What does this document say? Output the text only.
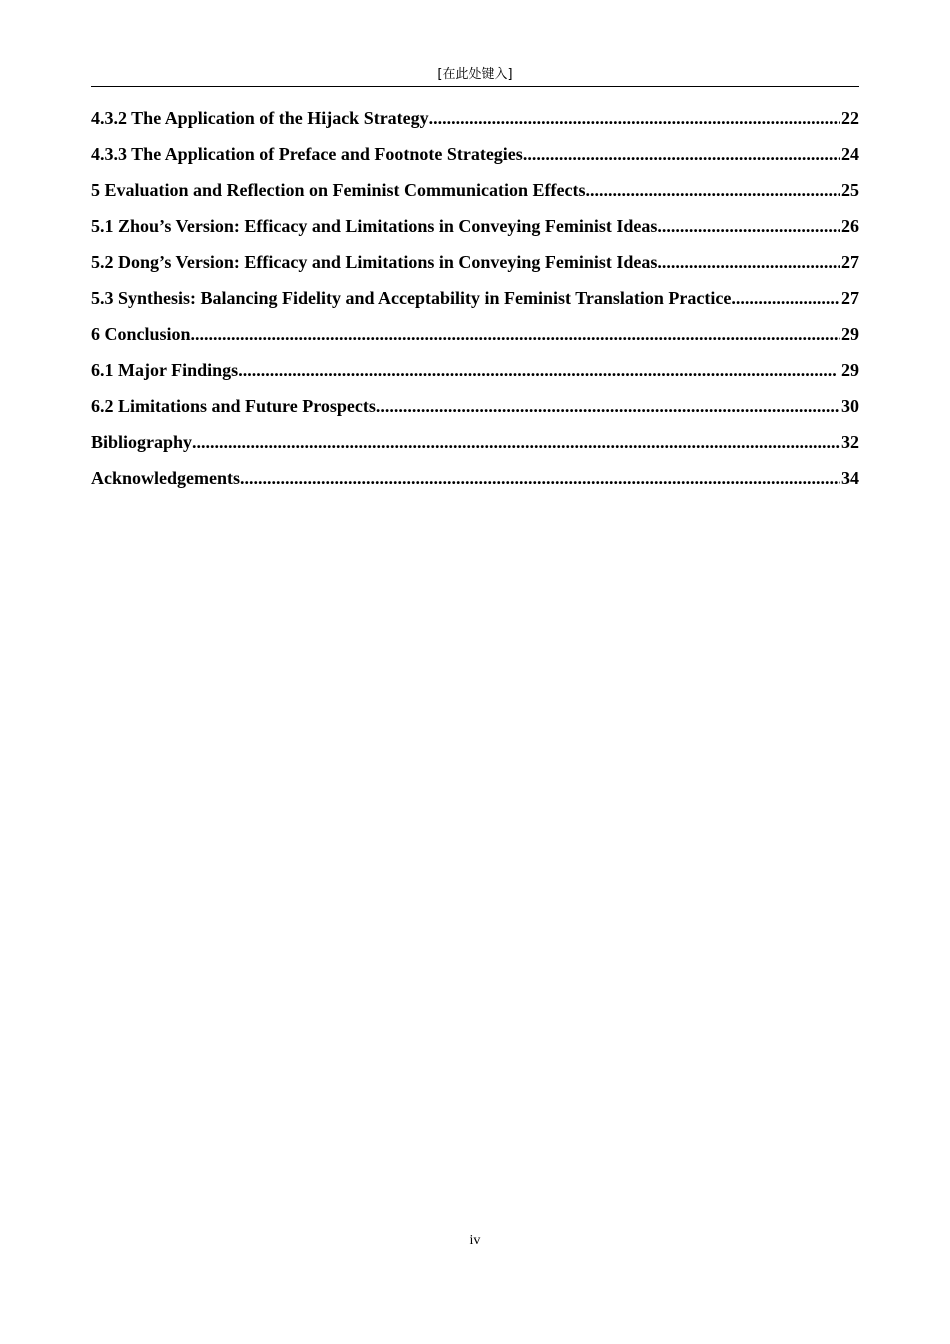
[在此处键入]
4.3.2 The Application of the Hijack Strategy .....	22
4.3.3 The Application of Preface and Footnote Strategies .....	24
5 Evaluation and Reflection on Feminist Communication Effects .....	25
5.1 Zhou’s Version: Efficacy and Limitations in Conveying Feminist Ideas .....	26
5.2 Dong’s Version: Efficacy and Limitations in Conveying Feminist Ideas .....	27
5.3 Synthesis: Balancing Fidelity and Acceptability in Feminist Translation Practice .....	27
6 Conclusion .....	29
6.1 Major Findings .....	29
6.2 Limitations and Future Prospects .....	30
Bibliography .....	32
Acknowledgements .....	34
iv
